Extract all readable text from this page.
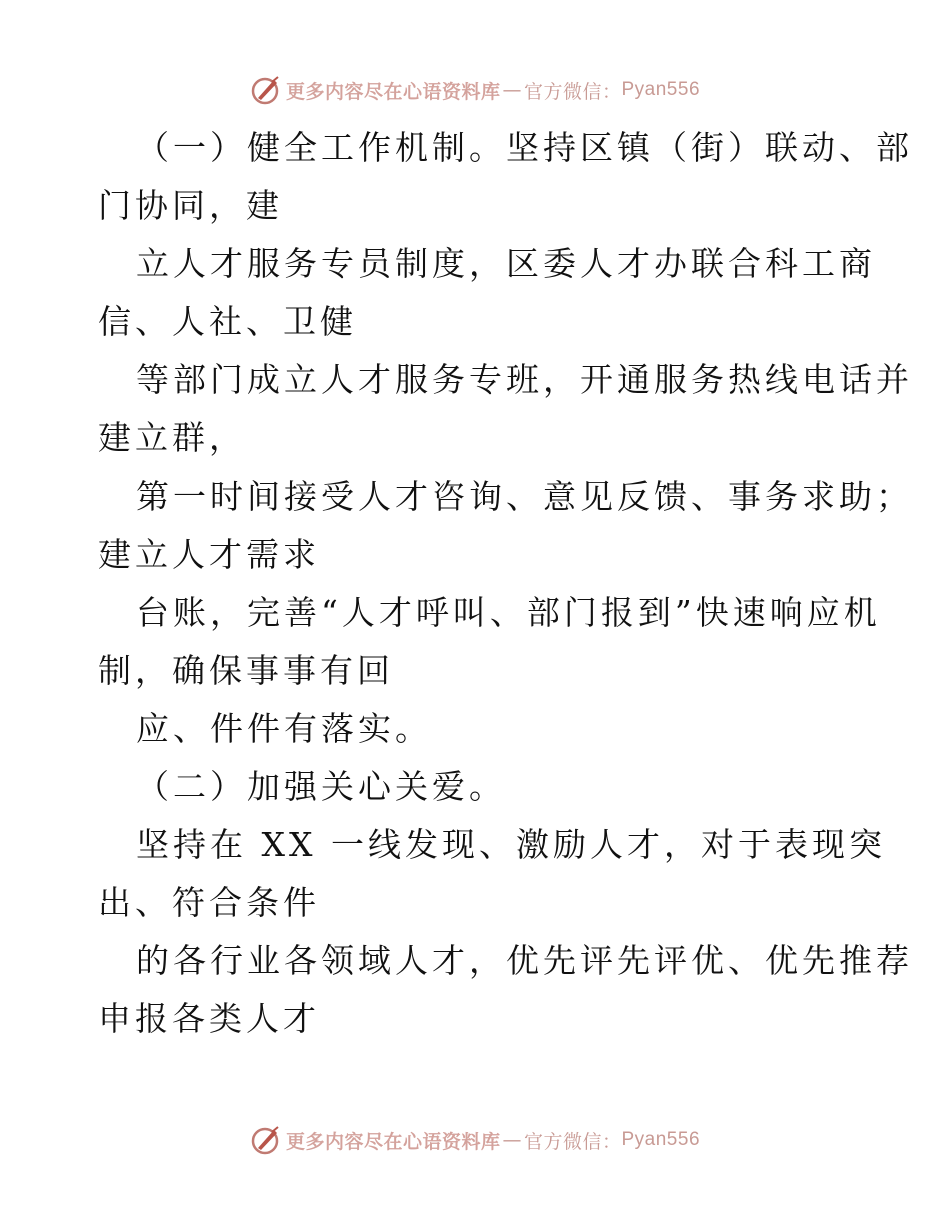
更多内容尽在心语资料库 — 官方微信： Pyan556
（一）健全工作机制。坚持区镇（街）联动、部
门协同，建
立人才服务专员制度，区委人才办联合科工商
信、人社、卫健
等部门成立人才服务专班，开通服务热线电话并
建立群，
第一时间接受人才咨询、意见反馈、事务求助；
建立人才需求
台账，完善“人才呼叫、部门报到”快速响应机
制，确保事事有回
应、件件有落实。
（二）加强关心关爱。
坚持在 XX 一线发现、激励人才，对于表现突
出、符合条件
的各行业各领域人才，优先评先评优、优先推荐
申报各类人才
更多内容尽在心语资料库 — 官方微信： Pyan556
